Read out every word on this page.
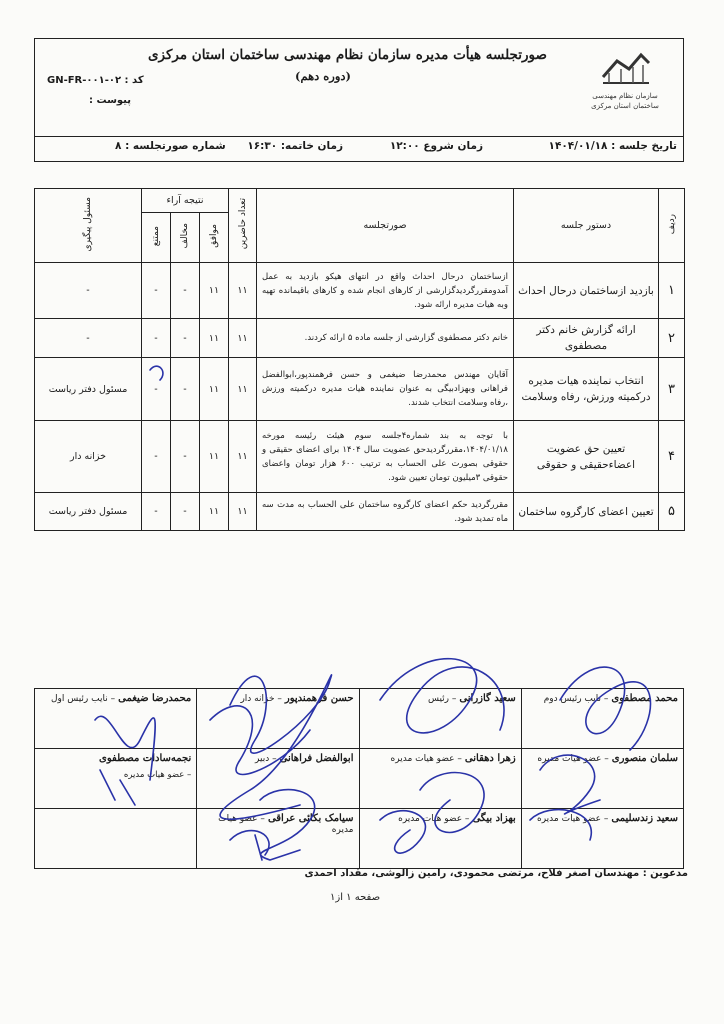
سازمان نظام مهندسی ساختمان استان مرکزی
صورتجلسه هیأت مدیره سازمان نظام مهندسی ساختمان استان مرکزی
(دوره دهم)
کد : GN-FR-۰۰۱-۰۲
پیوست :
تاریخ جلسه : ۱۴۰۴/۰۱/۱۸
زمان شروع ۱۲:۰۰
زمان خاتمه: ۱۶:۳۰
شماره صورتجلسه : ۸
ردیف	دستور جلسه	صورتجلسه	تعداد حاضرین	نتیجه آراء			مسئول پیگیری
				موافق	مخالف	ممتنع	
۱	بازدید ازساختمان درحال احداث	ازساختمان درحال احداث واقع در انتهای هیکو بازدید به عمل آمدومقررگردیدگزارشی از کارهای انجام شده و کارهای باقیمانده تهیه وبه هیات مدیره ارائه شود.	۱۱	۱۱	-	-	-
۲	ارائه گزارش خانم دکتر مصطفوی	خانم دکتر مصطفوی گزارشی از جلسه ماده ۵ ارائه کردند.	۱۱	۱۱	-	-	-
۳	انتخاب نماینده هیات مدیره درکمیته ورزش، رفاه وسلامت	آقایان مهندس محمدرضا ضیغمی و حسن فرهمندپور،ابوالفضل فراهانی وبهزادبیگی به عنوان نماینده هیات مدیره درکمیته ورزش ،رفاه وسلامت انتخاب شدند.	۱۱	۱۱	-	-	مسئول دفتر ریاست
۴	تعیین حق عضویت اعضاءحقیقی و حقوقی	با توجه به بند شماره۴جلسه سوم هیئت رئیسه مورخه ۱۴۰۴/۰۱/۱۸،مقررگردیدحق عضویت سال ۱۴۰۴ برای اعضای حقیقی و حقوقی بصورت علی الحساب به ترتیب ۶۰۰ هزار تومان واعضای حقوقی ۳میلیون تومان تعیین شود.	۱۱	۱۱	-	-	خزانه دار
۵	تعیین اعضای کارگروه ساختمان	مقررگردید حکم اعضای کارگروه ساختمان علی الحساب به مدت سه ماه تمدید شود.	۱۱	۱۱	-	-	مسئول دفتر ریاست
محمد مصطفوی – نایب رئیس دوم	سعید گازرانی – رئیس	حسن فرهمندپور – خزانه دار	محمدرضا ضیغمی – نایب رئیس اول
سلمان منصوری – عضو هیات مدیره	زهرا دهقانی – عضو هیات مدیره	ابوالفضل فراهانی – دبیر	نجمه‌سادات مصطفوی
– عضو هیات مدیره

سعید زندسلیمی – عضو هیات مدیره	بهزاد بیگی – عضو هیات مدیره	سیامک بکائی عراقی – عضو هیات مدیره	
مدعوین : مهندسان اصغر فلاح، مرتضی محمودی، رامین زالوشی، مقداد احمدی
صفحه ۱ از۱
